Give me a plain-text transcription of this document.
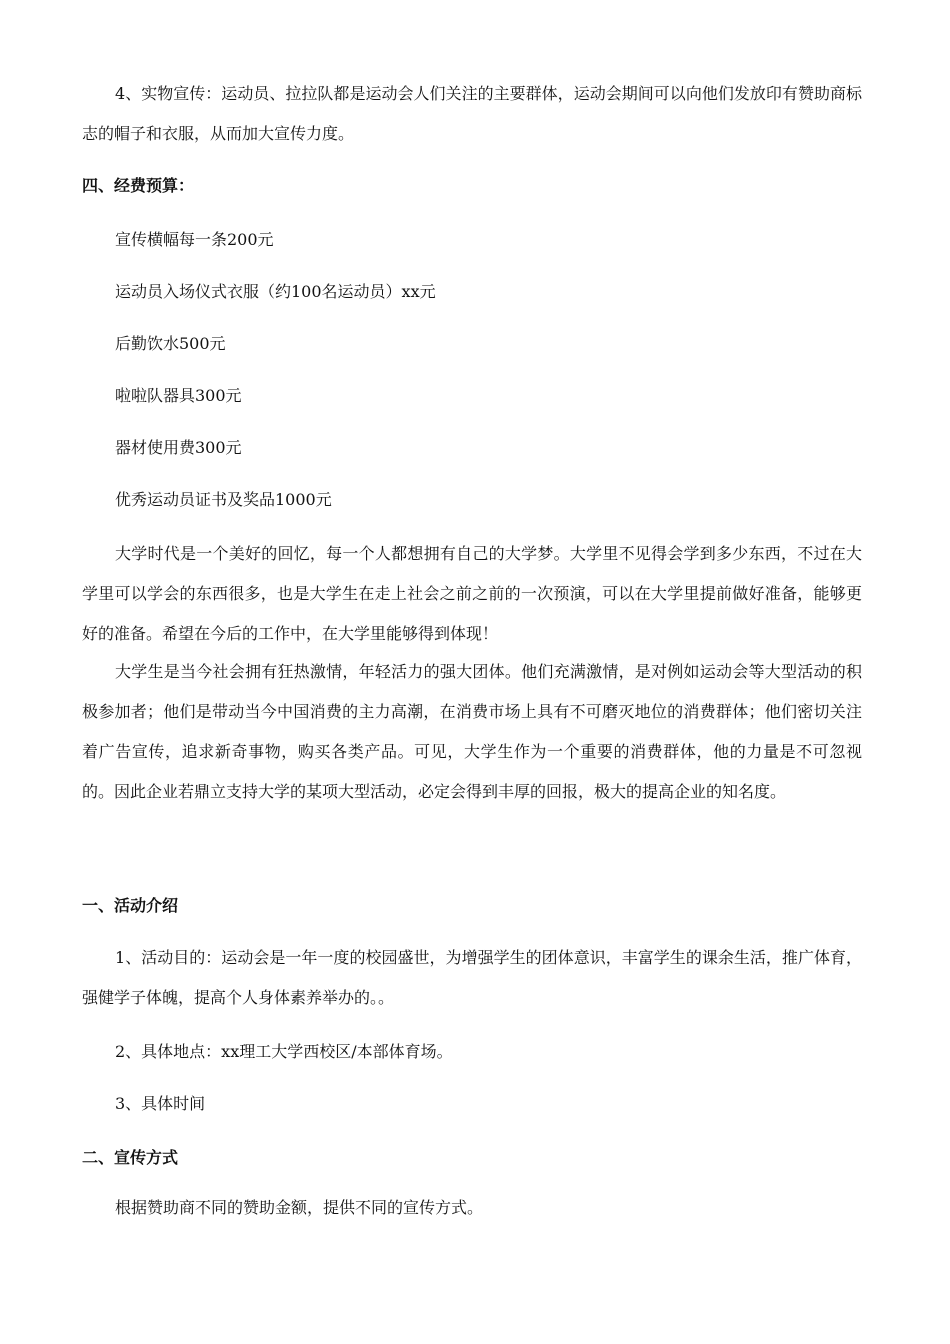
4、实物宣传：运动员、拉拉队都是运动会人们关注的主要群体，运动会期间可以向他们发放印有赞助商标志的帽子和衣服，从而加大宣传力度。
四、经费预算：
宣传横幅每一条200元
运动员入场仪式衣服（约100名运动员）xx元
后勤饮水500元
啦啦队器具300元
器材使用费300元
优秀运动员证书及奖品1000元
大学时代是一个美好的回忆，每一个人都想拥有自己的大学梦。大学里不见得会学到多少东西，不过在大学里可以学会的东西很多，也是大学生在走上社会之前之前的一次预演，可以在大学里提前做好准备，能够更好的准备。希望在今后的工作中，在大学里能够得到体现！
大学生是当今社会拥有狂热激情，年轻活力的强大团体。他们充满激情，是对例如运动会等大型活动的积极参加者；他们是带动当今中国消费的主力高潮，在消费市场上具有不可磨灭地位的消费群体；他们密切关注着广告宣传，追求新奇事物，购买各类产品。可见，大学生作为一个重要的消费群体，他的力量是不可忽视的。因此企业若鼎立支持大学的某项大型活动，必定会得到丰厚的回报，极大的提高企业的知名度。
一、活动介绍
1、活动目的：运动会是一年一度的校园盛世，为增强学生的团体意识，丰富学生的课余生活，推广体育，强健学子体魄，提高个人身体素养举办的。。
2、具体地点：xx理工大学西校区/本部体育场。
3、具体时间
二、宣传方式
根据赞助商不同的赞助金额，提供不同的宣传方式。
